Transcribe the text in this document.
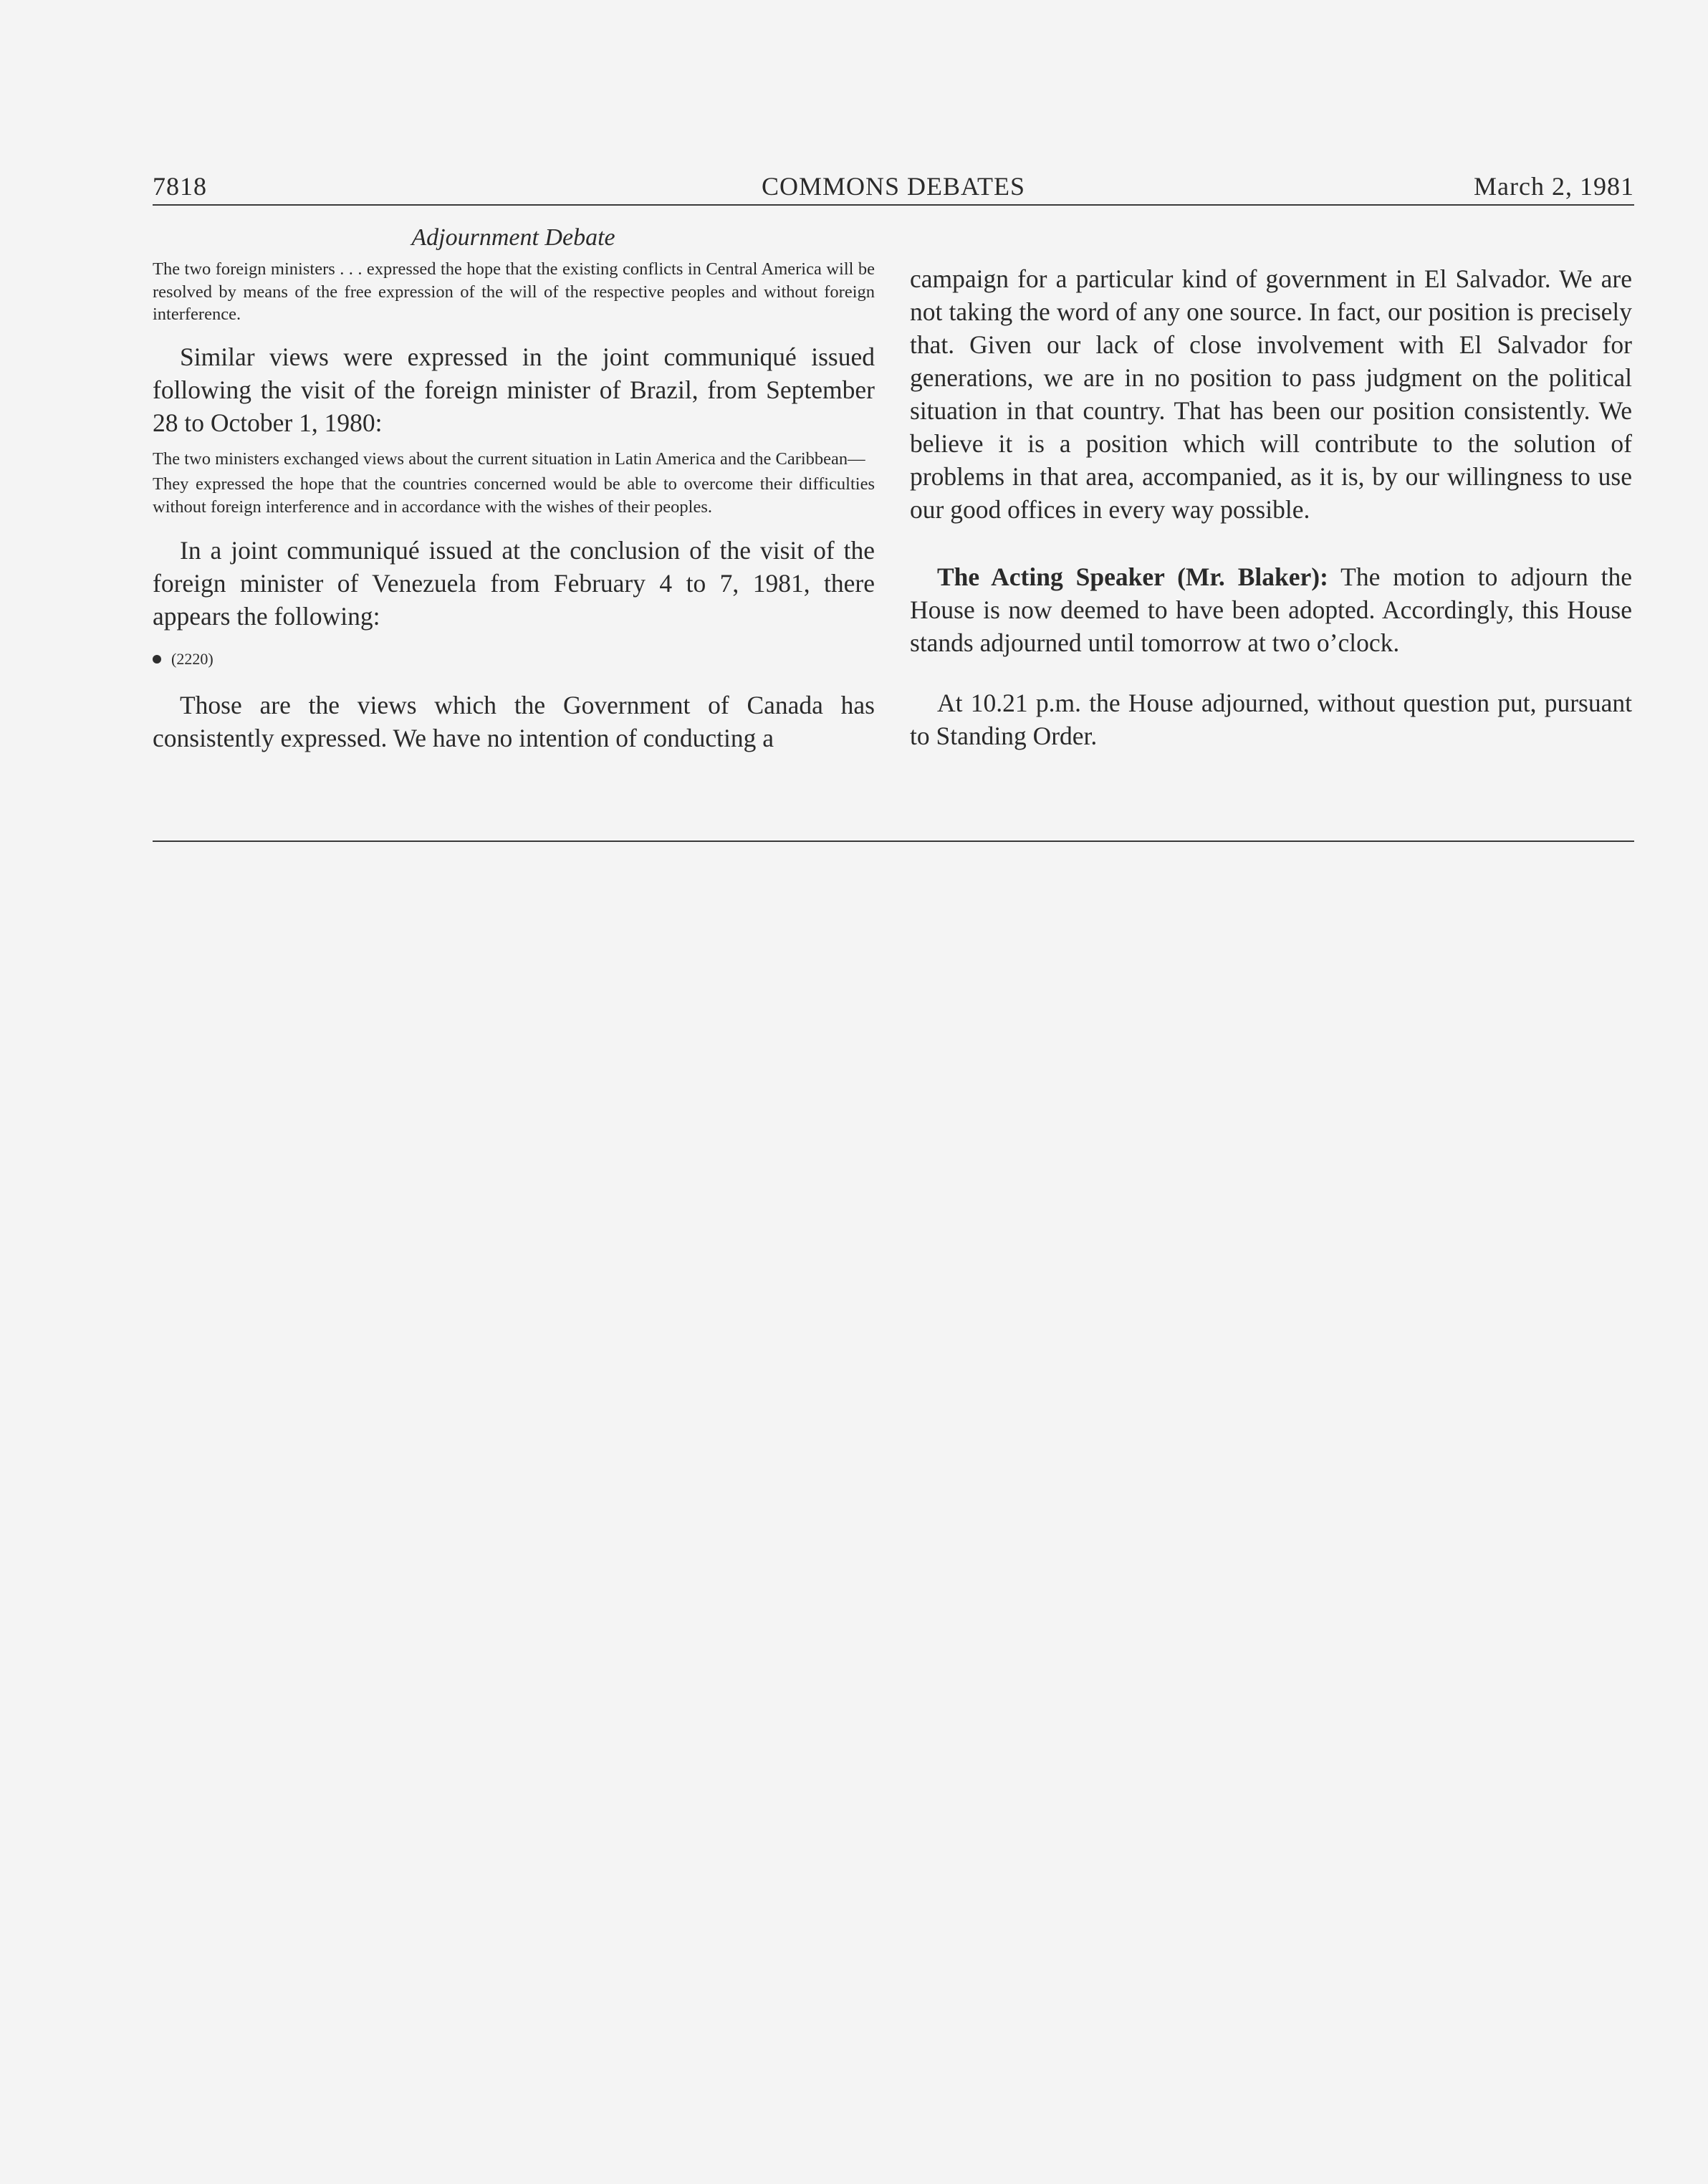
7818	COMMONS DEBATES	March 2, 1981
Adjournment Debate

The two foreign ministers . . . expressed the hope that the existing conflicts in Central America will be resolved by means of the free expression of the will of the respective peoples and without foreign interference.

Similar views were expressed in the joint communiqué issued following the visit of the foreign minister of Brazil, from September 28 to October 1, 1980:

The two ministers exchanged views about the current situation in Latin America and the Caribbean—

They expressed the hope that the countries concerned would be able to overcome their difficulties without foreign interference and in accordance with the wishes of their peoples.

In a joint communiqué issued at the conclusion of the visit of the foreign minister of Venezuela from February 4 to 7, 1981, there appears the following:

(2220)

Those are the views which the Government of Canada has consistently expressed. We have no intention of conducting a

campaign for a particular kind of government in El Salvador. We are not taking the word of any one source. In fact, our position is precisely that. Given our lack of close involvement with El Salvador for generations, we are in no position to pass judgment on the political situation in that country. That has been our position consistently. We believe it is a position which will contribute to the solution of problems in that area, accompanied, as it is, by our willingness to use our good offices in every way possible.

The Acting Speaker (Mr. Blaker): The motion to adjourn the House is now deemed to have been adopted. Accordingly, this House stands adjourned until tomorrow at two o’clock.

At 10.21 p.m. the House adjourned, without question put, pursuant to Standing Order.
